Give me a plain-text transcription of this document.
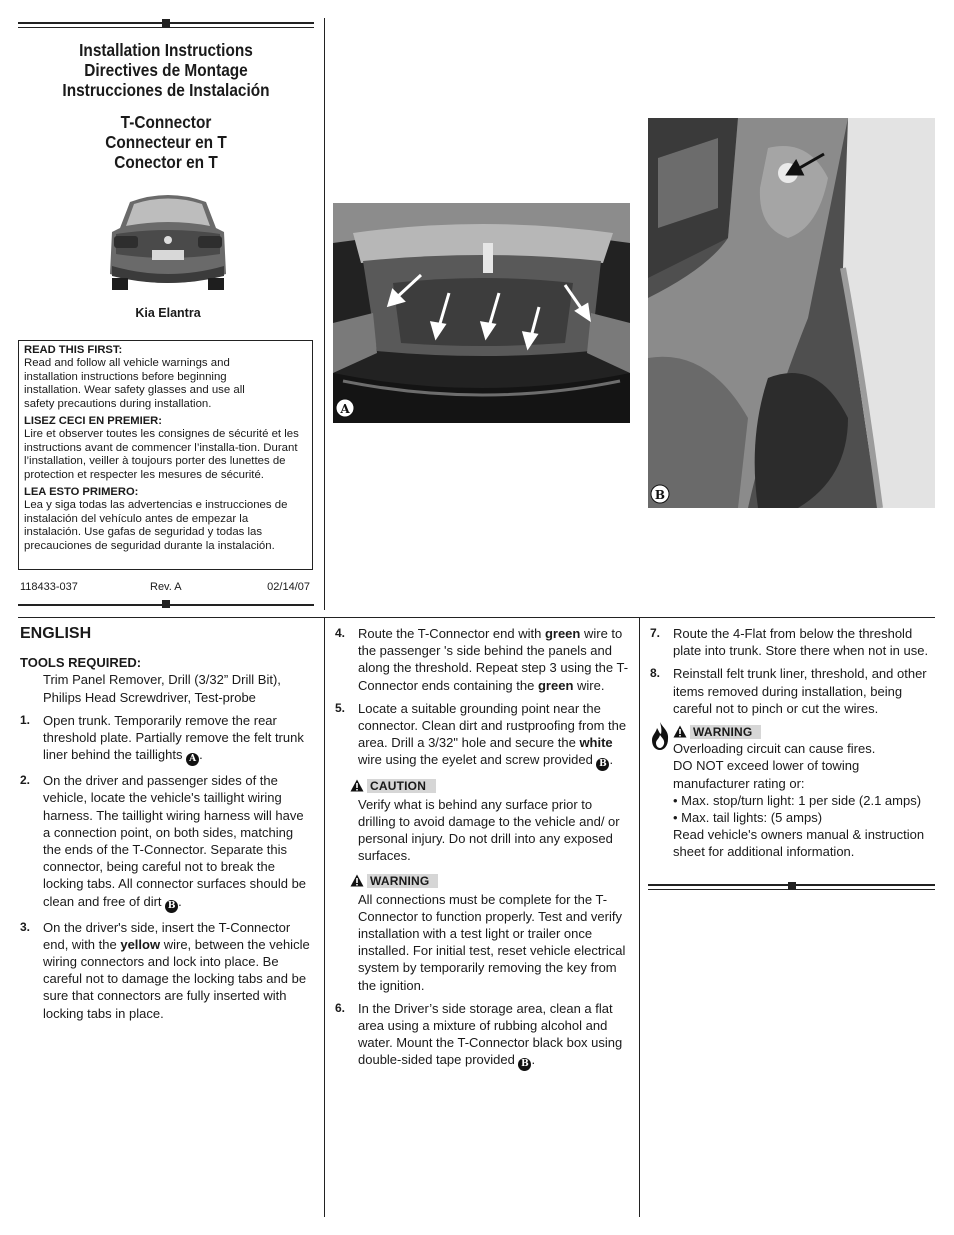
Installation Instructions
Directives de Montage
Instrucciones de Instalación
T-Connector
Connecteur en T
Conector en T
Kia Elantra
READ THIS FIRST:
Read and follow all vehicle warnings and installation instructions before beginning installation. Wear safety glasses and use all safety precautions during installation.
LISEZ CECI EN PREMIER:
Lire et observer toutes les consignes de sécurité et les instructions avant de commencer l’installa-tion. Durant l’installation, veiller à toujours porter des lunettes de protection et respecter les mesures de sécurité.
LEA ESTO PRIMERO:
Lea y siga todas las advertencias e instrucciones de instalación del vehículo antes de empezar la instalación. Use gafas de seguridad y todas las precauciones de seguridad durante la instalación.
118433-037	Rev. A	02/14/07
A
B

ENGLISH

TOOLS REQUIRED:

Trim Panel Remover, Drill (3/32” Drill Bit), Philips Head Screwdriver, Test-probe

1. Open trunk. Temporarily remove the rear threshold plate. Partially remove the felt trunk liner behind the taillights A .
2. On the driver and passenger sides of the vehicle, locate the vehicle's taillight wiring harness. The taillight wiring harness will have a connection point, on both sides, matching the ends of the T-Connector. Separate this connector, being careful not to break the locking tabs. All connector surfaces should be clean and free of dirt B .
3. On the driver's side, insert the T-Connector end, with the yellow wire, between the vehicle wiring connectors and lock into place. Be careful not to damage the locking tabs and be sure that connectors are fully inserted with locking tabs in place.
4. Route the T-Connector end with green wire to the passenger 's side behind the panels and along the threshold. Repeat step 3 using the T-Connector ends containing the green wire.
5. Locate a suitable grounding point near the connector. Clean dirt and rustproofing from the area. Drill a 3/32" hole and secure the white wire using the eyelet and screw provided B .
CAUTION

Verify what is behind any surface prior to drilling to avoid damage to the vehicle and/ or personal injury. Do not drill into any exposed surfaces.

WARNING

All connections must be complete for the T-Connector to function properly. Test and verify installation with a test light or trailer once installed. For initial test, reset vehicle electrical system by temporarily removing the key from the ignition.

6. In the Driver’s side storage area, clean a flat area using a mixture of rubbing alcohol and water. Mount the T-Connector black box using double-sided tape provided B .
7. Route the 4-Flat from below the threshold plate into trunk. Store there when not in use.
8. Reinstall felt trunk liner, threshold, and other items removed during installation, being careful not to pinch or cut the wires.
WARNING

Overloading circuit can cause fires.

DO NOT exceed lower of towing manufacturer rating or:

• Max. stop/turn light: 1 per side (2.1 amps)

• Max. tail lights: (5 amps)

Read vehicle's owners manual & instruction sheet for additional information.
